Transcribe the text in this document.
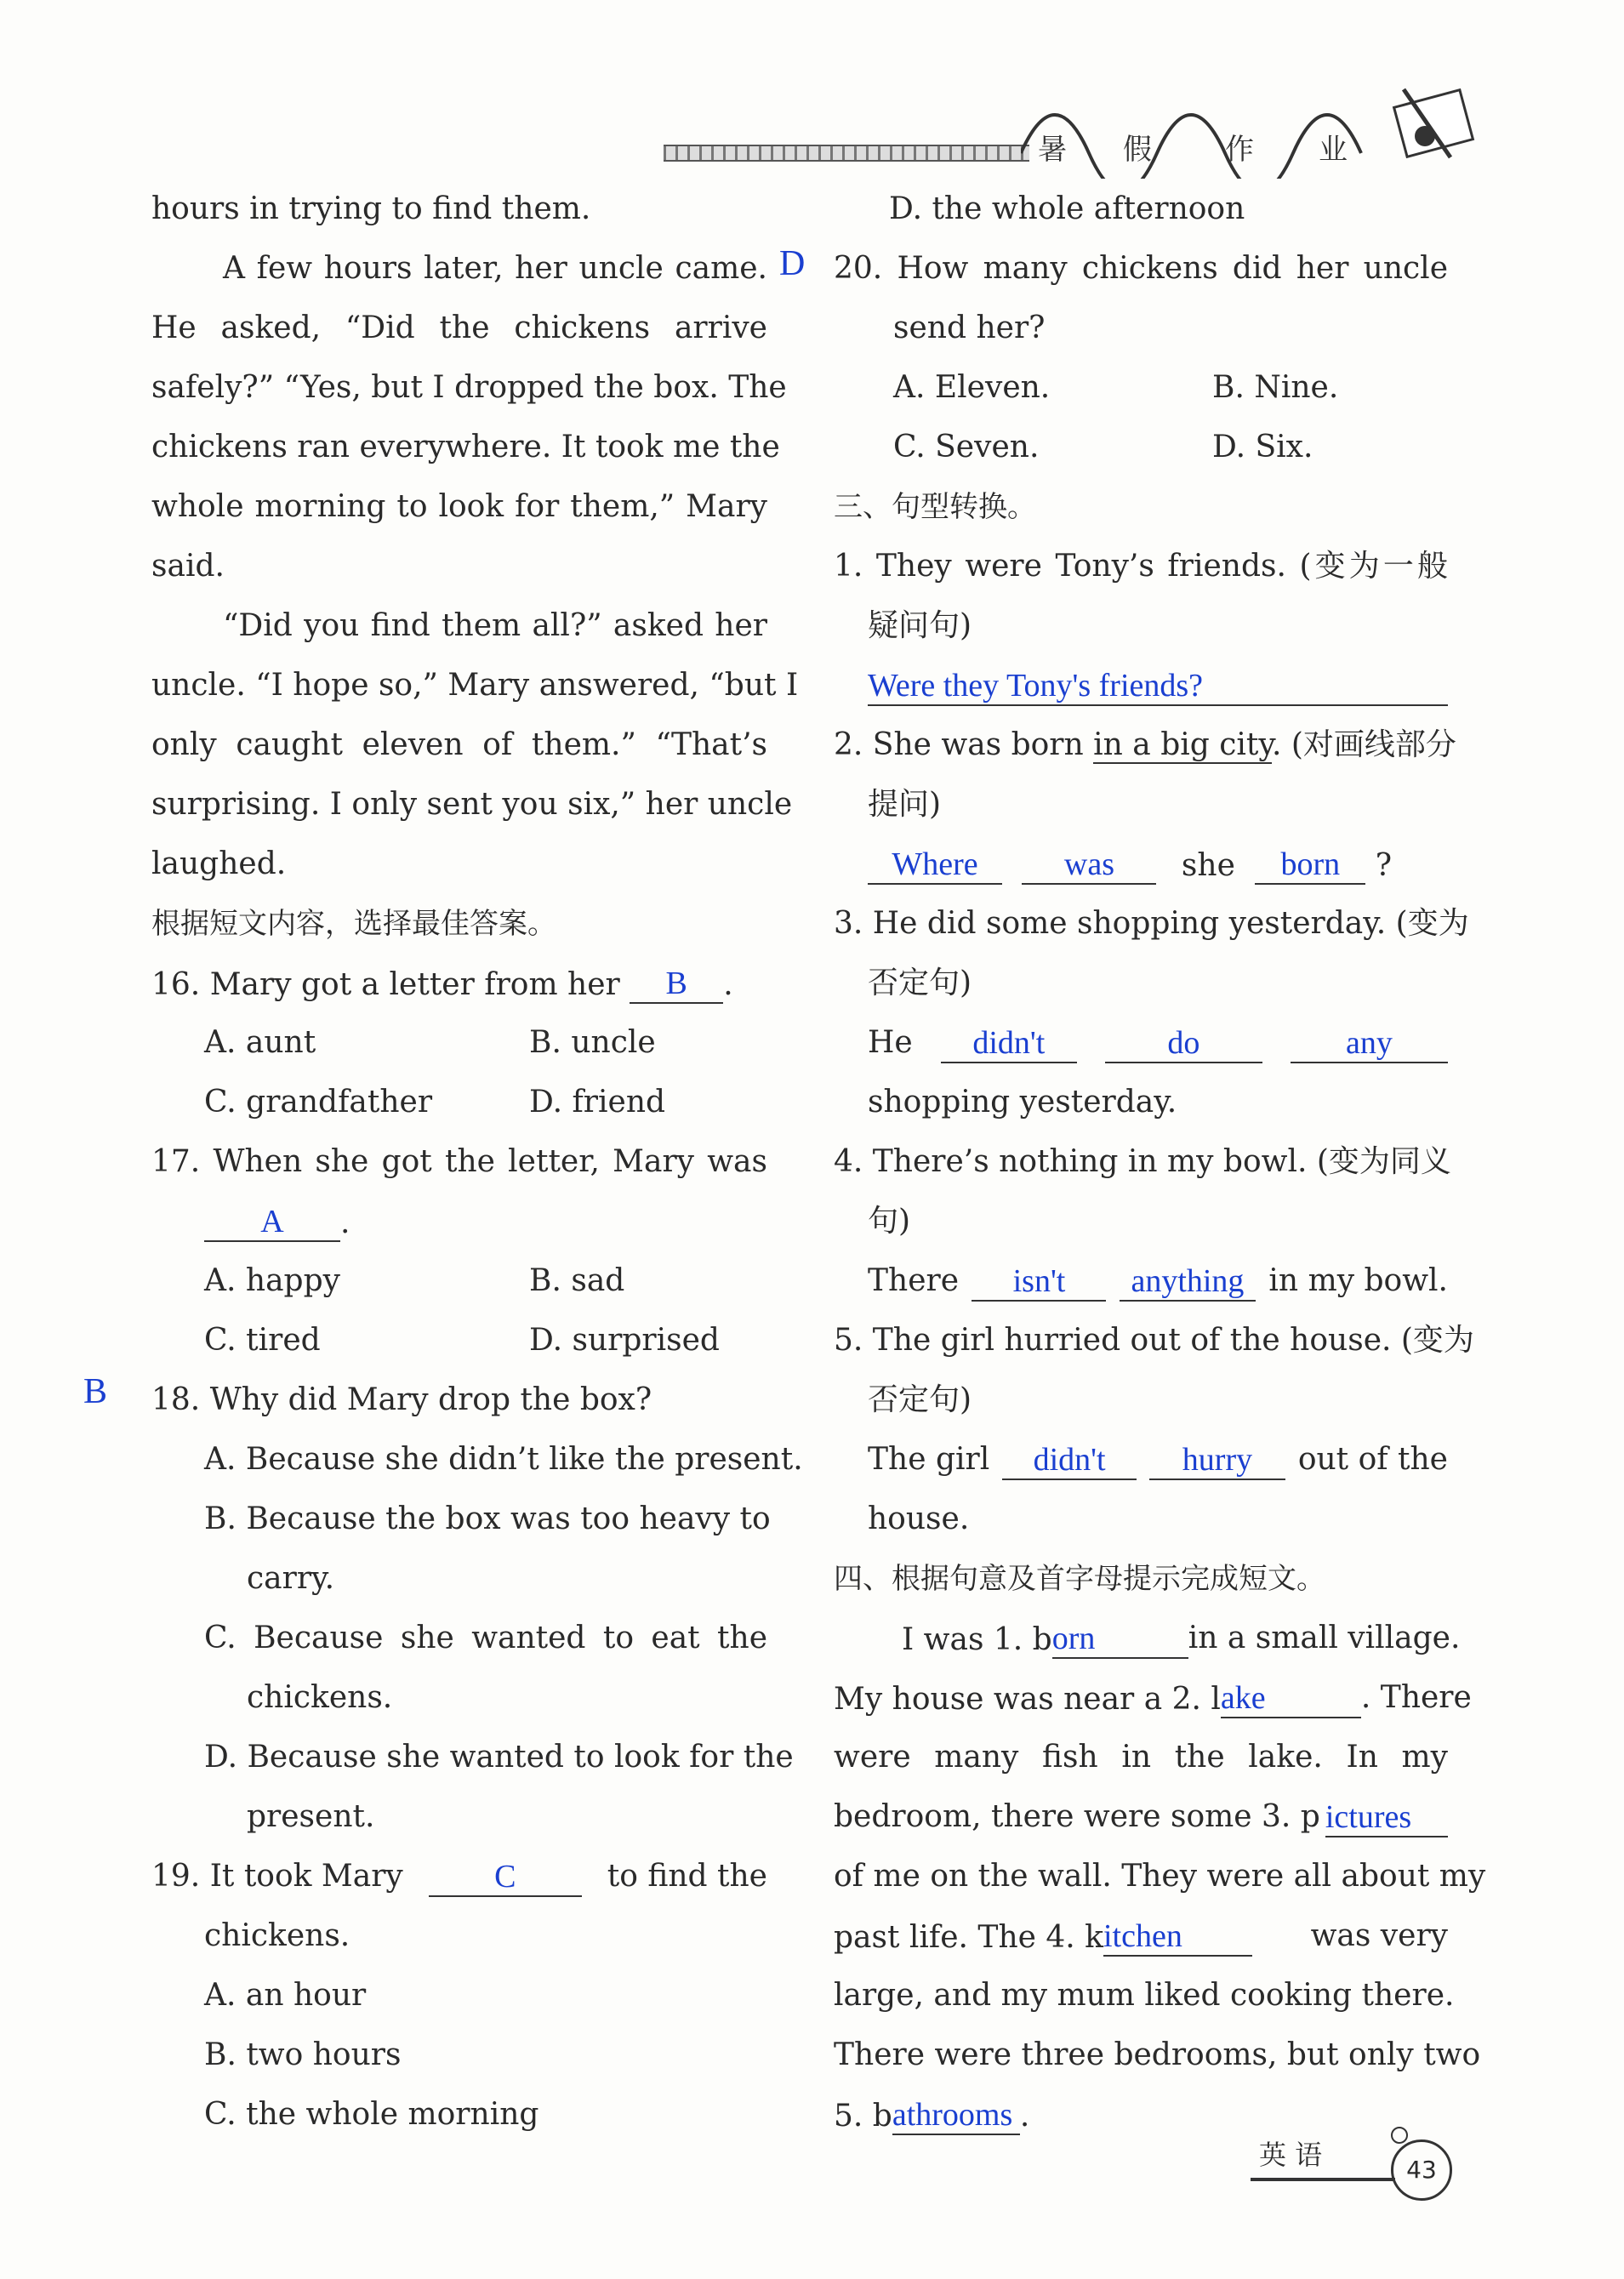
暑 假	作 业
hours in trying to find them.
A few hours later, her uncle came.
He asked, “Did the chickens arrive
safely?” “Yes, but I dropped the box. The
chickens ran everywhere. It took me the
whole morning to look for them,” Mary
said.
“Did you find them all?” asked her
uncle. “I hope so,” Mary answered, “but I
only caught eleven of them.” “That’s
surprising. I only sent you six,” her uncle
laughed.
根据短文内容，选择最佳答案。
16. Mary got a letter from her B .
A. aunt	B. uncle
C. grandfather	D. friend
17. When she got the letter, Mary was
A .
A. happy	B. sad
C. tired	D. surprised
B 18. Why did Mary drop the box?
A. Because she didn’t like the present.
B. Because the box was too heavy to
carry.
C. Because she wanted to eat the
chickens.
D. Because she wanted to look for the
present.
19. It took Mary	C	to find the
chickens.
A. an hour
B. two hours
C. the whole morning
D. the whole afternoon
D 20. How many chickens did her uncle
send her?
A. Eleven.	B. Nine.
C. Seven.	D. Six.
三、句型转换。
1. They were Tony’s friends. (变为一般
疑问句)
Were they Tony's friends?
2. She was born in a big city. (对画线部分
提问)
Where	was she born ?
3. He did some shopping yesterday. (变为
否定句)
He	didn't	do	any
shopping yesterday.
4. There’s nothing in my bowl. (变为同义
句)
There	isn't	anything in my bowl.
5. The girl hurried out of the house. (变为
否定句)
The girl	didn't	hurry	out of the
house.
四、根据句意及首字母提示完成短文。
I was 1. born	in a small village.
My house was near a 2. lake	. There
were many fish in the lake. In my
bedroom, there were some 3. p ictures
of me on the wall. They were all about my
past life. The 4. kitchen	was very
large, and my mum liked cooking there.
There were three bedrooms, but only two
5. bathrooms .
英 语	43
